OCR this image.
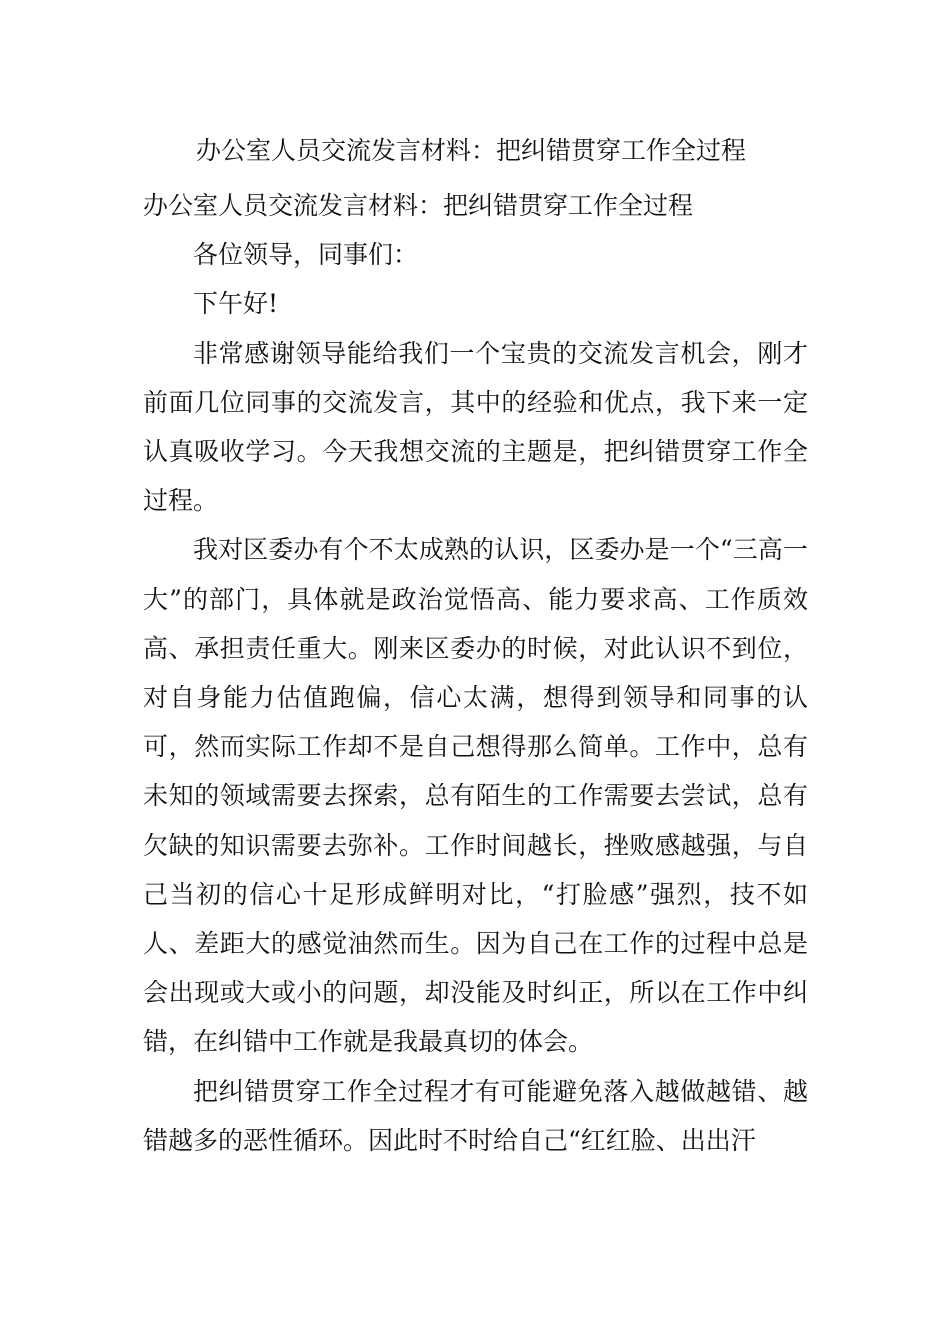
办公室人员交流发言材料：把纠错贯穿工作全过程

办公室人员交流发言材料：把纠错贯穿工作全过程

各位领导，同事们：

下午好!

非常感谢领导能给我们一个宝贵的交流发言机会，刚才前面几位同事的交流发言，其中的经验和优点，我下来一定认真吸收学习。今天我想交流的主题是，把纠错贯穿工作全过程。

我对区委办有个不太成熟的认识，区委办是一个“三高一大”的部门，具体就是政治觉悟高、能力要求高、工作质效高、承担责任重大。刚来区委办的时候，对此认识不到位，对自身能力估值跑偏，信心太满，想得到领导和同事的认可，然而实际工作却不是自己想得那么简单。工作中，总有未知的领域需要去探索，总有陌生的工作需要去尝试，总有欠缺的知识需要去弥补。工作时间越长，挫败感越强，与自己当初的信心十足形成鲜明对比，“打脸感”强烈，技不如人、差距大的感觉油然而生。因为自己在工作的过程中总是会出现或大或小的问题，却没能及时纠正，所以在工作中纠错，在纠错中工作就是我最真切的体会。

把纠错贯穿工作全过程才有可能避免落入越做越错、越错越多的恶性循环。因此时不时给自己“红红脸、出出汗
